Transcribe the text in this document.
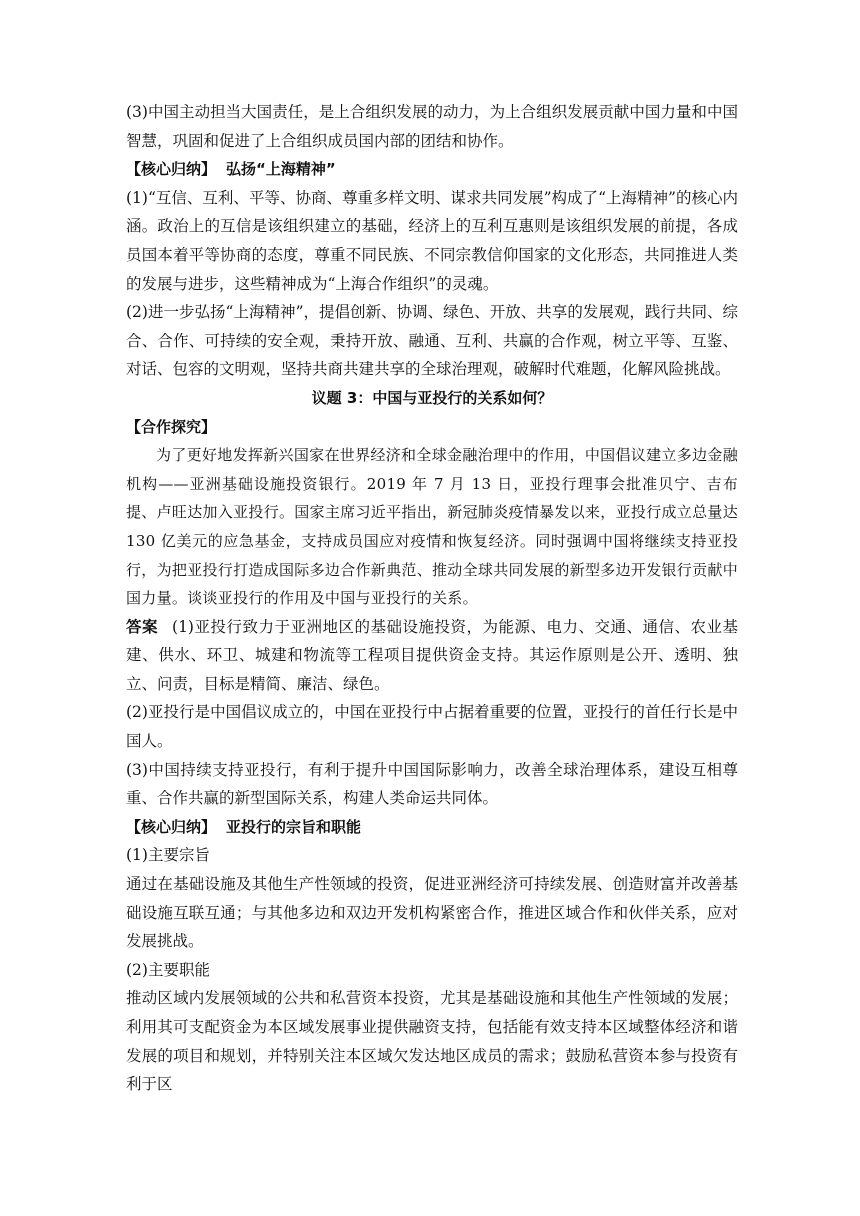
(3)中国主动担当大国责任，是上合组织发展的动力，为上合组织发展贡献中国力量和中国智慧，巩固和促进了上合组织成员国内部的团结和协作。

【核心归纳】 弘扬“上海精神”

(1)“互信、互利、平等、协商、尊重多样文明、谋求共同发展”构成了“上海精神”的核心内涵。政治上的互信是该组织建立的基础，经济上的互利互惠则是该组织发展的前提，各成员国本着平等协商的态度，尊重不同民族、不同宗教信仰国家的文化形态，共同推进人类的发展与进步，这些精神成为“上海合作组织”的灵魂。

(2)进一步弘扬“上海精神”，提倡创新、协调、绿色、开放、共享的发展观，践行共同、综合、合作、可持续的安全观，秉持开放、融通、互利、共赢的合作观，树立平等、互鉴、对话、包容的文明观，坚持共商共建共享的全球治理观，破解时代难题，化解风险挑战。

议题 3：中国与亚投行的关系如何？

【合作探究】

为了更好地发挥新兴国家在世界经济和全球金融治理中的作用，中国倡议建立多边金融机构——亚洲基础设施投资银行。2019 年 7 月 13 日，亚投行理事会批准贝宁、吉布提、卢旺达加入亚投行。国家主席习近平指出，新冠肺炎疫情暴发以来，亚投行成立总量达 130 亿美元的应急基金，支持成员国应对疫情和恢复经济。同时强调中国将继续支持亚投行，为把亚投行打造成国际多边合作新典范、推动全球共同发展的新型多边开发银行贡献中国力量。谈谈亚投行的作用及中国与亚投行的关系。

答案 (1)亚投行致力于亚洲地区的基础设施投资，为能源、电力、交通、通信、农业基建、供水、环卫、城建和物流等工程项目提供资金支持。其运作原则是公开、透明、独立、问责，目标是精简、廉洁、绿色。

(2)亚投行是中国倡议成立的，中国在亚投行中占据着重要的位置，亚投行的首任行长是中国人。

(3)中国持续支持亚投行，有利于提升中国国际影响力，改善全球治理体系，建设互相尊重、合作共赢的新型国际关系，构建人类命运共同体。

【核心归纳】 亚投行的宗旨和职能

(1)主要宗旨

通过在基础设施及其他生产性领域的投资，促进亚洲经济可持续发展、创造财富并改善基础设施互联互通；与其他多边和双边开发机构紧密合作，推进区域合作和伙伴关系，应对发展挑战。

(2)主要职能

推动区域内发展领域的公共和私营资本投资，尤其是基础设施和其他生产性领域的发展；利用其可支配资金为本区域发展事业提供融资支持，包括能有效支持本区域整体经济和谐发展的项目和规划，并特别关注本区域欠发达地区成员的需求；鼓励私营资本参与投资有利于区
